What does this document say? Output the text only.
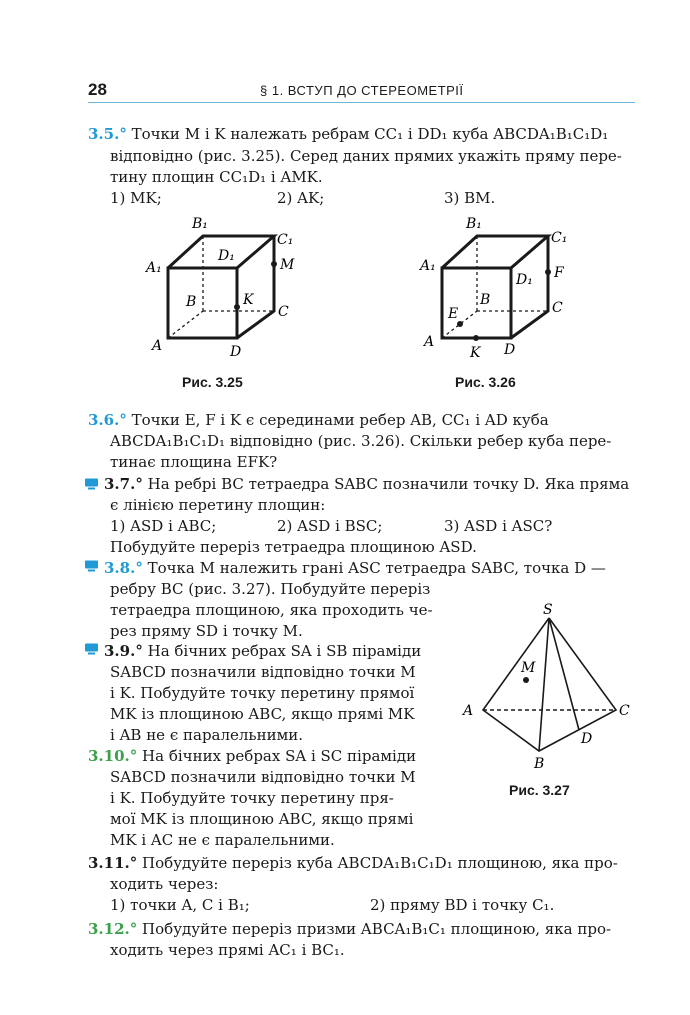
28	§ 1. ВСТУП ДО СТЕРЕОМЕТРІЇ
3.5.° Точки M і K належать ребрам CC₁ і DD₁ куба ABCDA₁B₁C₁D₁
відповідно (рис. 3.25). Серед даних прямих укажіть пряму пере-
тину площин CC₁D₁ і AMK.
1) MK;	2) AK;	3) BM.
A
B
C
D
A₁
B₁
C₁
D₁
M
K
Рис. 3.25
A
B	C
D
A₁
B₁
C₁
D₁ F
E
K
Рис. 3.26
3.6.° Точки E, F і K є серединами ребер AB, CC₁ і AD куба
ABCDA₁B₁C₁D₁ відповідно (рис. 3.26). Скільки ребер куба пере-
тинає площина EFK?
3.7.° На ребрі BC тетраедра SABC позначили точку D. Яка пряма
є лінією перетину площин:
1) ASD і ABC;	2) ASD і BSC;	3) ASD і ASC?
Побудуйте переріз тетраедра площиною ASD.
3.8.° Точка M належить грані ASC тетраедра SABC, точка D —
ребру BC (рис. 3.27). Побудуйте переріз
тетраедра площиною, яка проходить че-
рез пряму SD і точку M.
3.9.° На бічних ребрах SA і SB піраміди
SABCD позначили відповідно точки M
і K. Побудуйте точку перетину прямої
MK із площиною ABC, якщо прямі MK
і AB не є паралельними.
S
A
B
C
D
M
Рис. 3.27
3.10.° На бічних ребрах SA і SC піраміди
SABCD позначили відповідно точки M
і K. Побудуйте точку перетину пря-
мої MK із площиною ABC, якщо прямі
MK і AC не є паралельними.
3.11.° Побудуйте переріз куба ABCDA₁B₁C₁D₁ площиною, яка про-
ходить через:
1) точки A, C і B₁;	2) пряму BD і точку C₁.
3.12.° Побудуйте переріз призми ABCA₁B₁C₁ площиною, яка про-
ходить через прямі AC₁ і BC₁.
